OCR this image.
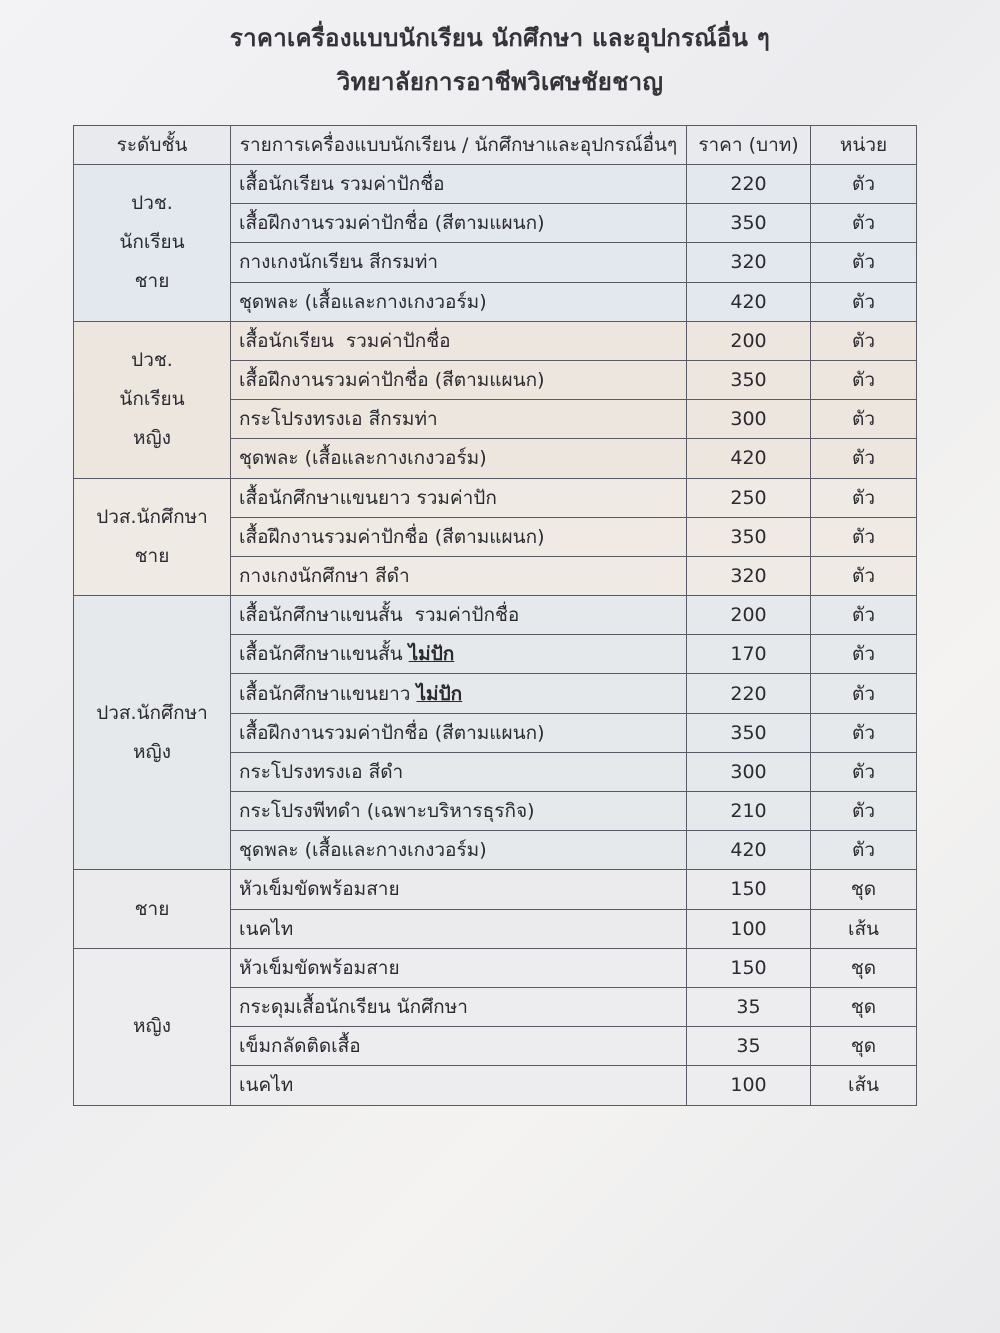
ราคาเครื่องแบบนักเรียน นักศึกษา และอุปกรณ์อื่น ๆ
วิทยาลัยการอาชีพวิเศษชัยชาญ
ระดับชั้น	รายการเครื่องแบบนักเรียน / นักศึกษาและอุปกรณ์อื่นๆ	ราคา (บาท)	หน่วย

ปวช.
นักเรียน
ชาย	เสื้อนักเรียน รวมค่าปักชื่อ	220	ตัว
	เสื้อฝึกงานรวมค่าปักชื่อ (สีตามแผนก)	350	ตัว
	กางเกงนักเรียน สีกรมท่า	320	ตัว
	ชุดพละ (เสื้อและกางเกงวอร์ม)	420	ตัว

ปวช.
นักเรียน
หญิง	เสื้อนักเรียน  รวมค่าปักชื่อ	200	ตัว
	เสื้อฝึกงานรวมค่าปักชื่อ (สีตามแผนก)	350	ตัว
	กระโปรงทรงเอ สีกรมท่า	300	ตัว
	ชุดพละ (เสื้อและกางเกงวอร์ม)	420	ตัว

ปวส.นักศึกษา
ชาย	เสื้อนักศึกษาแขนยาว รวมค่าปัก	250	ตัว
	เสื้อฝึกงานรวมค่าปักชื่อ (สีตามแผนก)	350	ตัว
	กางเกงนักศึกษา สีดำ	320	ตัว

ปวส.นักศึกษา
หญิง	เสื้อนักศึกษาแขนสั้น  รวมค่าปักชื่อ	200	ตัว
	เสื้อนักศึกษาแขนสั้น ไม่ปัก	170	ตัว
	เสื้อนักศึกษาแขนยาว ไม่ปัก	220	ตัว
	เสื้อฝึกงานรวมค่าปักชื่อ (สีตามแผนก)	350	ตัว
	กระโปรงทรงเอ สีดำ	300	ตัว
	กระโปรงพีทดำ (เฉพาะบริหารธุรกิจ)	210	ตัว
	ชุดพละ (เสื้อและกางเกงวอร์ม)	420	ตัว

ชาย	หัวเข็มขัดพร้อมสาย	150	ชุด
	เนคไท	100	เส้น

หญิง	หัวเข็มขัดพร้อมสาย	150	ชุด
	กระดุมเสื้อนักเรียน นักศึกษา	35	ชุด
	เข็มกลัดติดเสื้อ	35	ชุด
	เนคไท	100	เส้น
